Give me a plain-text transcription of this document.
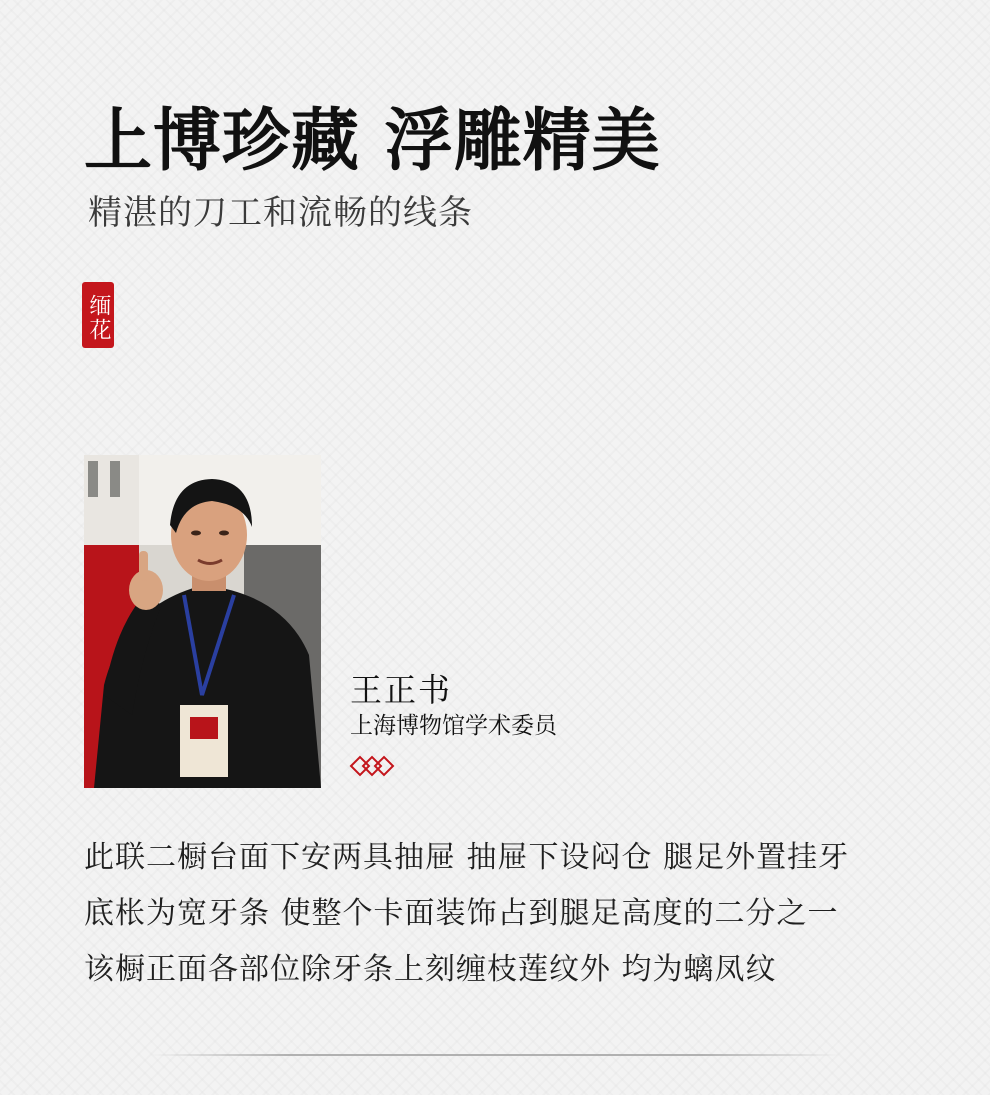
上博珍藏 浮雕精美
精湛的刀工和流畅的线条
缅花
王正书
上海博物馆学术委员
此联二橱台面下安两具抽屉 抽屉下设闷仓 腿足外置挂牙
底枨为宽牙条 使整个卡面装饰占到腿足高度的二分之一
该橱正面各部位除牙条上刻缠枝莲纹外 均为螭凤纹
